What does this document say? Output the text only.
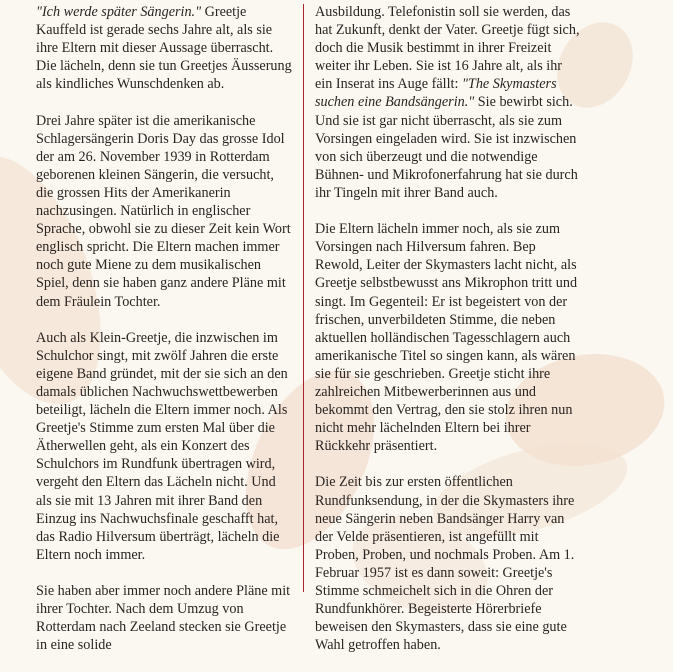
"Ich werde später Sängerin." Greetje Kauffeld ist gerade sechs Jahre alt, als sie ihre Eltern mit dieser Aussage überrascht. Die lächeln, denn sie tun Greetjes Äusserung als kindliches Wunschdenken ab.

Drei Jahre später ist die amerikanische Schlagersängerin Doris Day das grosse Idol der am 26. November 1939 in Rotterdam geborenen kleinen Sängerin, die versucht, die grossen Hits der Amerikanerin nachzusingen. Natürlich in englischer Sprache, obwohl sie zu dieser Zeit kein Wort englisch spricht. Die Eltern machen immer noch gute Miene zu dem musikalischen Spiel, denn sie haben ganz andere Pläne mit dem Fräulein Tochter.

Auch als Klein-Greetje, die inzwischen im Schulchor singt, mit zwölf Jahren die erste eigene Band gründet, mit der sie sich an den damals üblichen Nachwuchswettbewerben beteiligt, lächeln die Eltern immer noch. Als Greetje's Stimme zum ersten Mal über die Ätherwellen geht, als ein Konzert des Schulchors im Rundfunk übertragen wird, vergeht den Eltern das Lächeln nicht. Und als sie mit 13 Jahren mit ihrer Band den Einzug ins Nachwuchsfinale geschafft hat, das Radio Hilversum überträgt, lächeln die Eltern noch immer.

Sie haben aber immer noch andere Pläne mit ihrer Tochter. Nach dem Umzug von Rotterdam nach Zeeland stecken sie Greetje in eine solide

Ausbildung. Telefonistin soll sie werden, das hat Zukunft, denkt der Vater. Greetje fügt sich, doch die Musik bestimmt in ihrer Freizeit weiter ihr Leben. Sie ist 16 Jahre alt, als ihr ein Inserat ins Auge fällt: "The Skymasters suchen eine Bandsängerin." Sie bewirbt sich. Und sie ist gar nicht überrascht, als sie zum Vorsingen eingeladen wird. Sie ist inzwischen von sich überzeugt und die notwendige Bühnen- und Mikrofonerfahrung hat sie durch ihr Tingeln mit ihrer Band auch.

Die Eltern lächeln immer noch, als sie zum Vorsingen nach Hilversum fahren. Bep Rewold, Leiter der Skymasters lacht nicht, als Greetje selbstbewusst ans Mikrophon tritt und singt. Im Gegenteil: Er ist begeistert von der frischen, unverbildeten Stimme, die neben aktuellen holländischen Tagesschlagern auch amerikanische Titel so singen kann, als wären sie für sie geschrieben. Greetje sticht ihre zahlreichen Mitbewerberinnen aus und bekommt den Vertrag, den sie stolz ihren nun nicht mehr lächelnden Eltern bei ihrer Rückkehr präsentiert.

Die Zeit bis zur ersten öffentlichen Rundfunksendung, in der die Skymasters ihre neue Sängerin neben Bandsänger Harry van der Velde präsentieren, ist angefüllt mit Proben, Proben, und nochmals Proben. Am 1. Februar 1957 ist es dann soweit: Greetje's Stimme schmeichelt sich in die Ohren der Rundfunkhörer. Begeisterte Hörerbriefe beweisen den Skymasters, dass sie eine gute Wahl getroffen haben.
